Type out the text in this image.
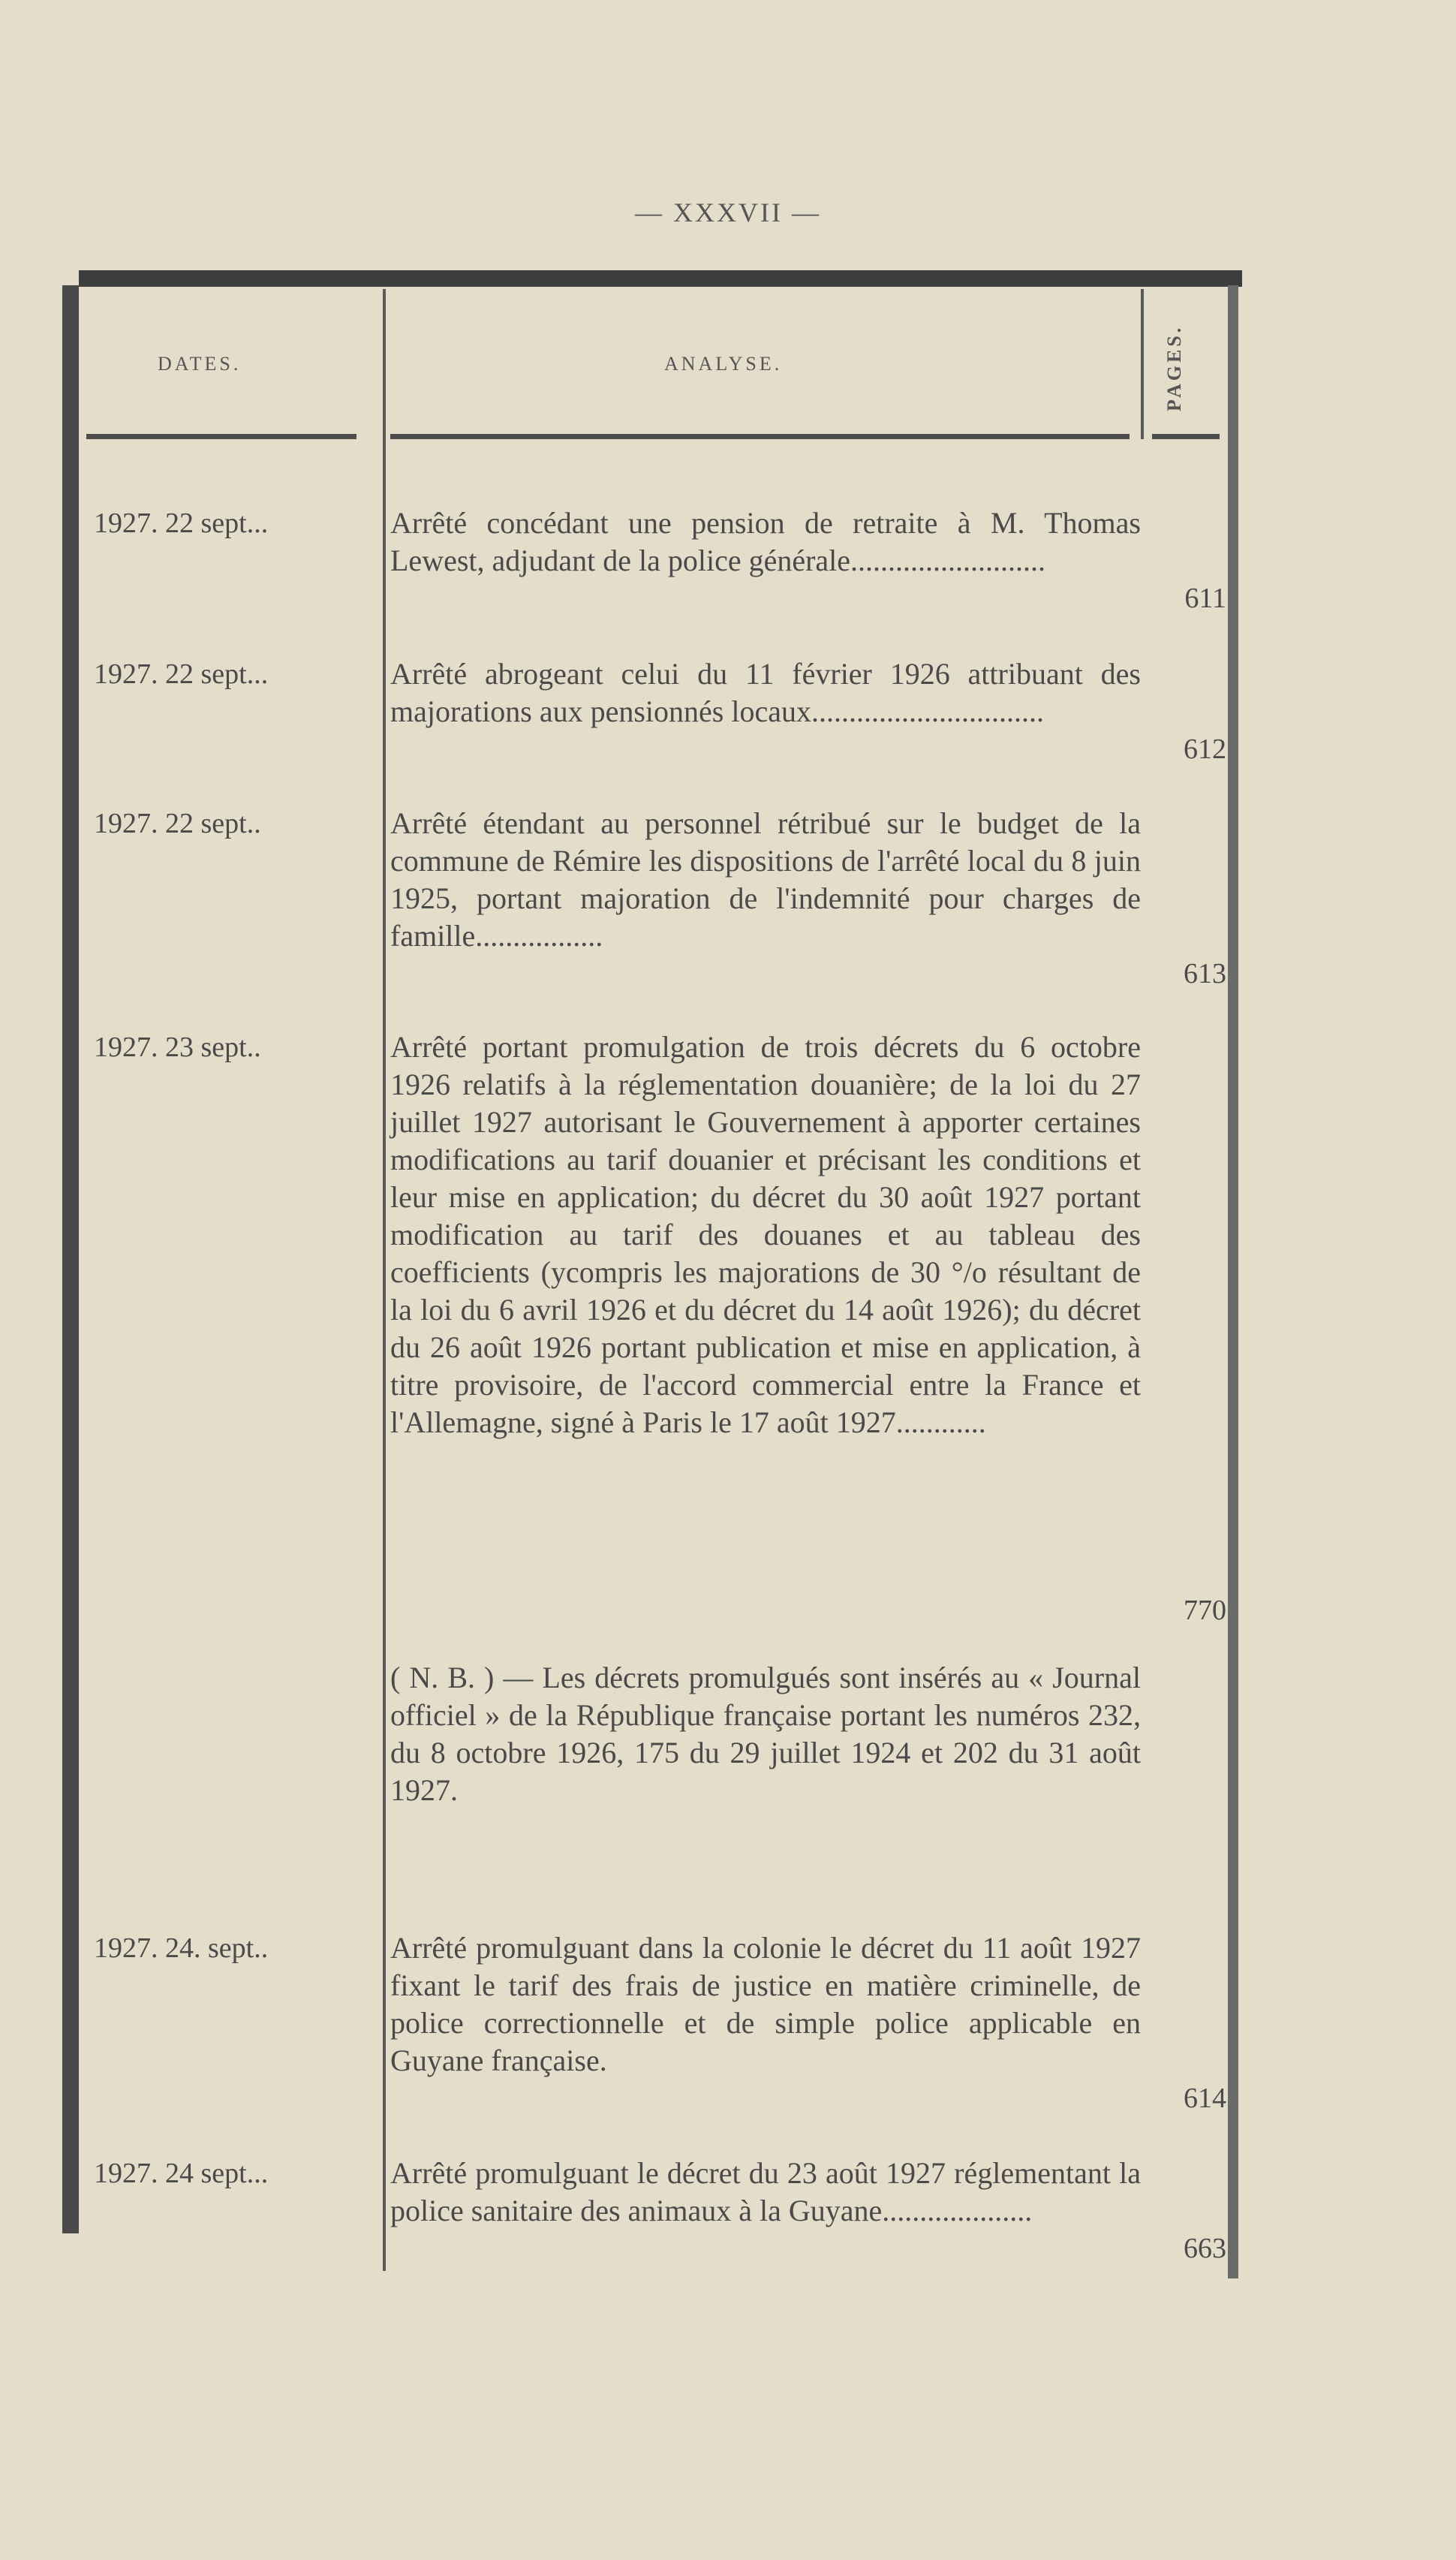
— XXXVII —
DATES.	ANALYSE.	PAGES.
1927. 22 sept...	Arrêté concédant une pension de retraite à M. Thomas Lewest, adjudant de la police générale..........................
611
1927. 22 sept...	Arrêté abrogeant celui du 11 février 1926 attribuant des majorations aux pensionnés locaux...............................
612
1927. 22 sept..	Arrêté étendant au personnel rétribué sur le budget de la commune de Rémire les dispositions de l'arrêté local du 8 juin 1925, portant majoration de l'indemnité pour charges de famille.................
613
1927. 23 sept..	Arrêté portant promulgation de trois décrets du 6 octobre 1926 relatifs à la réglementation douanière; de la loi du 27 juillet 1927 autorisant le Gouvernement à apporter certaines modifications au tarif douanier et précisant les conditions et leur mise en application; du décret du 30 août 1927 portant modification au tarif des douanes et au tableau des coefficients (ycompris les majorations de 30 °/o résultant de la loi du 6 avril 1926 et du décret du 14 août 1926); du décret du 26 août 1926 portant publication et mise en application, à titre provisoire, de l'accord commercial entre la France et l'Allemagne, signé à Paris le 17 août 1927............
770
( N. B. ) — Les décrets promulgués sont insérés au « Journal officiel » de la République française portant les numéros 232, du 8 octobre 1926, 175 du 29 juillet 1924 et 202 du 31 août 1927.
1927. 24. sept..	Arrêté promulguant dans la colonie le décret du 11 août 1927 fixant le tarif des frais de justice en matière criminelle, de police correctionnelle et de simple police applicable en Guyane française.
614
1927. 24 sept...	Arrêté promulguant le décret du 23 août 1927 réglementant la police sanitaire des animaux à la Guyane....................
663
